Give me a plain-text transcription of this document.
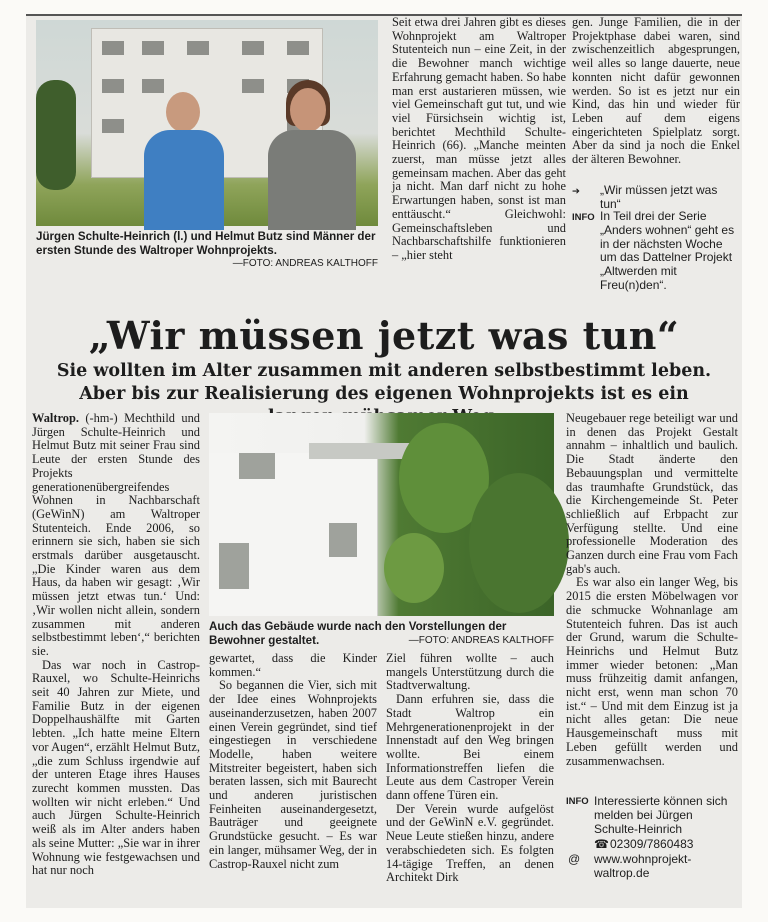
Jürgen Schulte-Heinrich (l.) und Helmut Butz sind Männer der ersten Stunde des Waltroper Wohnprojekts.
—FOTO: ANDREAS KALTHOFF

Seit etwa drei Jahren gibt es dieses Wohnprojekt am Waltroper Stutenteich nun – eine Zeit, in der die Bewohner manch wichtige Erfahrung gemacht haben. So habe man erst austarieren müssen, wie viel Gemeinschaft gut tut, und wie viel Fürsichsein wichtig ist, berichtet Mechthild Schulte-Heinrich (66). „Manche meinten zuerst, man müsse jetzt alles gemeinsam machen. Aber das geht ja nicht. Man darf nicht zu hohe Erwartungen haben, sonst ist man enttäuscht.“ Gleichwohl: Gemeinschaftsleben und Nachbarschaftshilfe funktionieren – „hier steht

gen. Junge Familien, die in der Projektphase dabei waren, sind zwischenzeitlich abgesprungen, weil alles so lange dauerte, neue konnten nicht dafür gewonnen werden. So ist es jetzt nur ein Kind, das hin und wieder für Leben auf dem eigens eingerichteten Spielplatz sorgt. Aber da sind ja noch die Enkel der älteren Bewohner.

➔ „Wir müssen jetzt was tun“
INFO In Teil drei der Serie „Anders wohnen“ geht es in der nächsten Woche um das Dattelner Projekt „Altwerden mit Freu(n)den“.
„Wir müssen jetzt was tun“
Sie wollten im Alter zusammen mit anderen selbstbestimmt leben. Aber bis zur Realisierung des eigenen Wohnprojekts ist es ein

Waltrop. (-hm-) Mechthild und Jürgen Schulte-Heinrich und Helmut Butz mit seiner Frau sind Leute der ersten Stunde des Projekts generationenübergreifendes Wohnen in Nachbarschaft (GeWinN) am Waltroper Stutenteich. Ende 2006, so erinnern sie sich, haben sie sich erstmals darüber ausgetauscht. „Die Kinder waren aus dem Haus, da haben wir gesagt: ‚Wir müssen jetzt etwas tun.‘ Und: ‚Wir wollen nicht allein, sondern zusammen mit anderen selbstbestimmt leben‘,“ berichten sie.

Das war noch in Castrop-Rauxel, wo Schulte-Heinrichs seit 40 Jahren zur Miete, und Familie Butz in der eigenen Doppelhaushälfte mit Garten lebten. „Ich hatte meine Eltern vor Augen“, erzählt Helmut Butz, „die zum Schluss irgendwie auf der unteren Etage ihres Hauses zurecht kommen mussten. Das wollten wir nicht erleben.“ Und auch Jürgen Schulte-Heinrich weiß als im Alter anders haben als seine Mutter: „Sie war in ihrer Wohnung wie festgewachsen und hat nur noch

Auch das Gebäude wurde nach den Vorstellungen der Bewohner gestaltet.	—FOTO: ANDREAS KALTHOFF

gewartet, dass die Kinder kommen.“

So begannen die Vier, sich mit der Idee eines Wohnprojekts auseinanderzusetzen, haben 2007 einen Verein gegründet, sind tief eingestiegen in verschiedene Modelle, haben weitere Mitstreiter begeistert, haben sich beraten lassen, sich mit Baurecht und anderen juristischen Feinheiten auseinandergesetzt, Bauträger und geeignete Grundstücke gesucht. – Es war ein langer, mühsamer Weg, der in Castrop-Rauxel nicht zum

Ziel führen wollte – auch mangels Unterstützung durch die Stadtverwaltung.

Dann erfuhren sie, dass die Stadt Waltrop ein Mehrgenerationenprojekt in der Innenstadt auf den Weg bringen wollte. Bei einem Informationstreffen liefen die Leute aus dem Castroper Verein dann offene Türen ein.

Der Verein wurde aufgelöst und der GeWinN e.V. gegründet. Neue Leute stießen hinzu, andere verabschiedeten sich. Es folgten 14-tägige Treffen, an denen Architekt Dirk

Neugebauer rege beteiligt war und in denen das Projekt Gestalt annahm – inhaltlich und baulich. Die Stadt änderte den Bebauungsplan und vermittelte das traumhafte Grundstück, das die Kirchengemeinde St. Peter schließlich auf Erbpacht zur Verfügung stellte. Und eine professionelle Moderation des Ganzen durch eine Frau vom Fach gab's auch.

Es war also ein langer Weg, bis 2015 die ersten Möbelwagen vor die schmucke Wohnanlage am Stutenteich fuhren. Das ist auch der Grund, warum die Schulte-Heinrichs und Helmut Butz immer wieder betonen: „Man muss frühzeitig damit anfangen, nicht erst, wenn man schon 70 ist.“ – Und mit dem Einzug ist ja nicht alles getan: Die neue Hausgemeinschaft muss mit Leben gefüllt werden und zusammenwachsen.

INFO Interessierte können sich melden bei Jürgen Schulte-Heinrich
☎ 02309/7860483
@ www.wohnprojekt-waltrop.de
